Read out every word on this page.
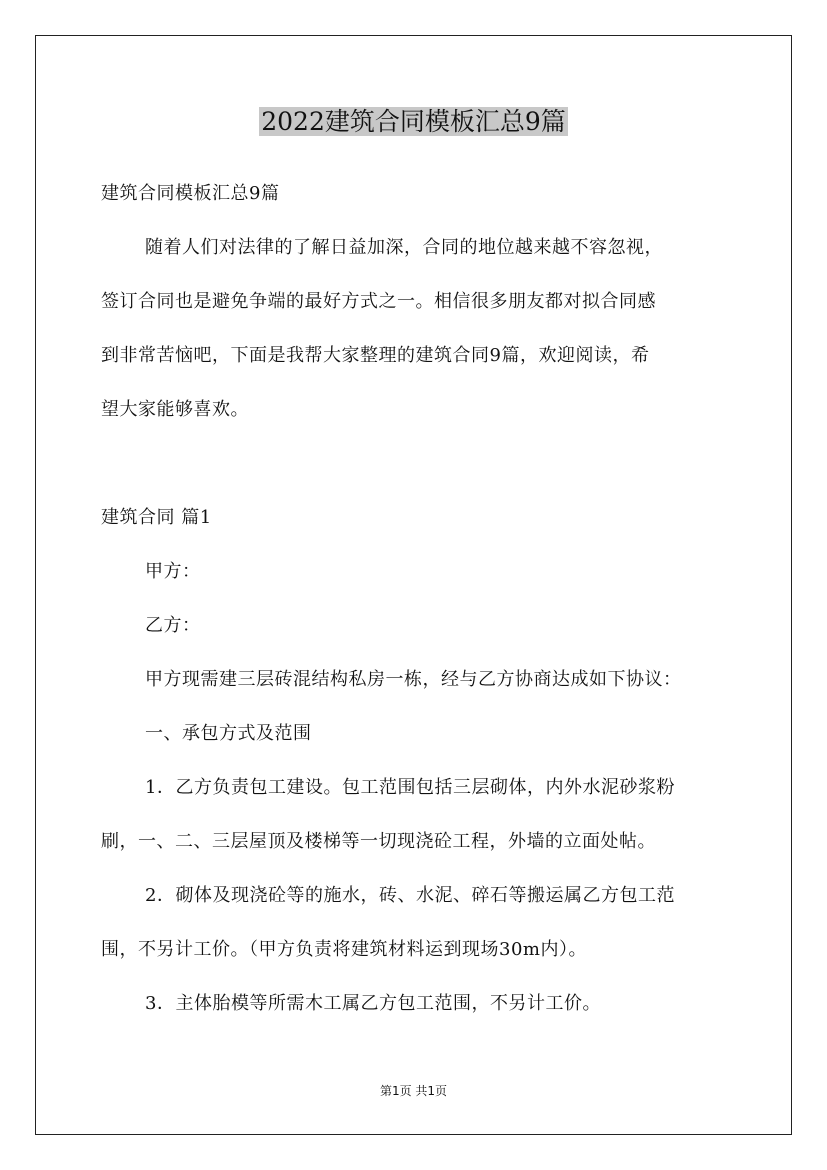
2022建筑合同模板汇总9篇
建筑合同模板汇总9篇
随着人们对法律的了解日益加深，合同的地位越来越不容忽视，
签订合同也是避免争端的最好方式之一。相信很多朋友都对拟合同感
到非常苦恼吧，下面是我帮大家整理的建筑合同9篇，欢迎阅读，希
望大家能够喜欢。
建筑合同 篇1
甲方：
乙方：
甲方现需建三层砖混结构私房一栋，经与乙方协商达成如下协议：
一、承包方式及范围
1．乙方负责包工建设。包工范围包括三层砌体，内外水泥砂浆粉
刷，一、二、三层屋顶及楼梯等一切现浇砼工程，外墙的立面处帖。
2．砌体及现浇砼等的施水，砖、水泥、碎石等搬运属乙方包工范
围，不另计工价。（甲方负责将建筑材料运到现场30m内）。
3．主体胎模等所需木工属乙方包工范围，不另计工价。
第1页 共1页
